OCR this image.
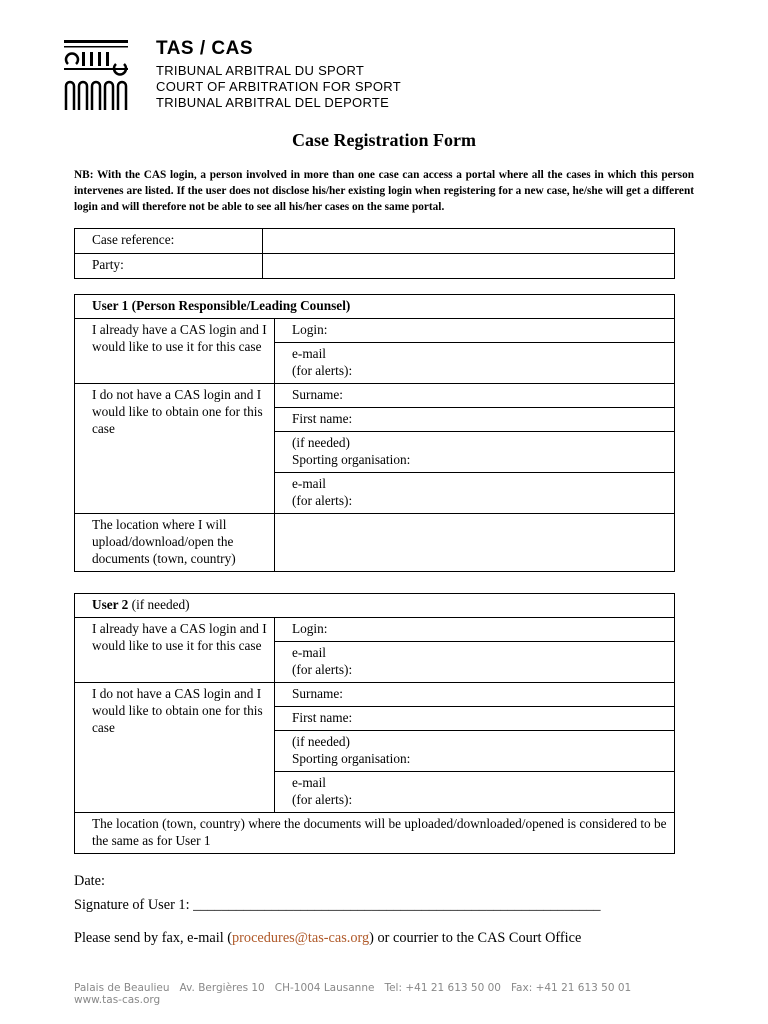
TAS / CAS
TRIBUNAL ARBITRAL DU SPORT
COURT OF ARBITRATION FOR SPORT
TRIBUNAL ARBITRAL DEL DEPORTE
Case Registration Form
NB: With the CAS login, a person involved in more than one case can access a portal where all the cases in which this person intervenes are listed. If the user does not disclose his/her existing login when registering for a new case, he/she will get a different login and will therefore not be able to see all his/her cases on the same portal.
Case reference:	
Party:	
User 1 (Person Responsible/Leading Counsel)	
I already have a CAS login and I would like to use it for this case	Login:
	e-mail
(for alerts):
I do not have a CAS login and I would like to obtain one for this case	Surname:
	First name:
	(if needed)
Sporting organisation:
	e-mail
(for alerts):
The location where I will upload/download/open the documents (town, country)	
User 2 (if needed)	
I already have a CAS login and I would like to use it for this case	Login:
	e-mail
(for alerts):
I do not have a CAS login and I would like to obtain one for this case	Surname:
	First name:
	(if needed)
Sporting organisation:
	e-mail
(for alerts):
The location (town, country) where the documents will be uploaded/downloaded/opened is considered to be the same as for User 1	
Date:
Signature of User 1: _________________________________________________________
Please send by fax, e-mail (procedures@tas-cas.org) or courrier to the CAS Court Office
Palais de Beaulieu Av. Bergières 10 CH-1004 Lausanne Tel: +41 21 613 50 00 Fax: +41 21 613 50 01
www.tas-cas.org
